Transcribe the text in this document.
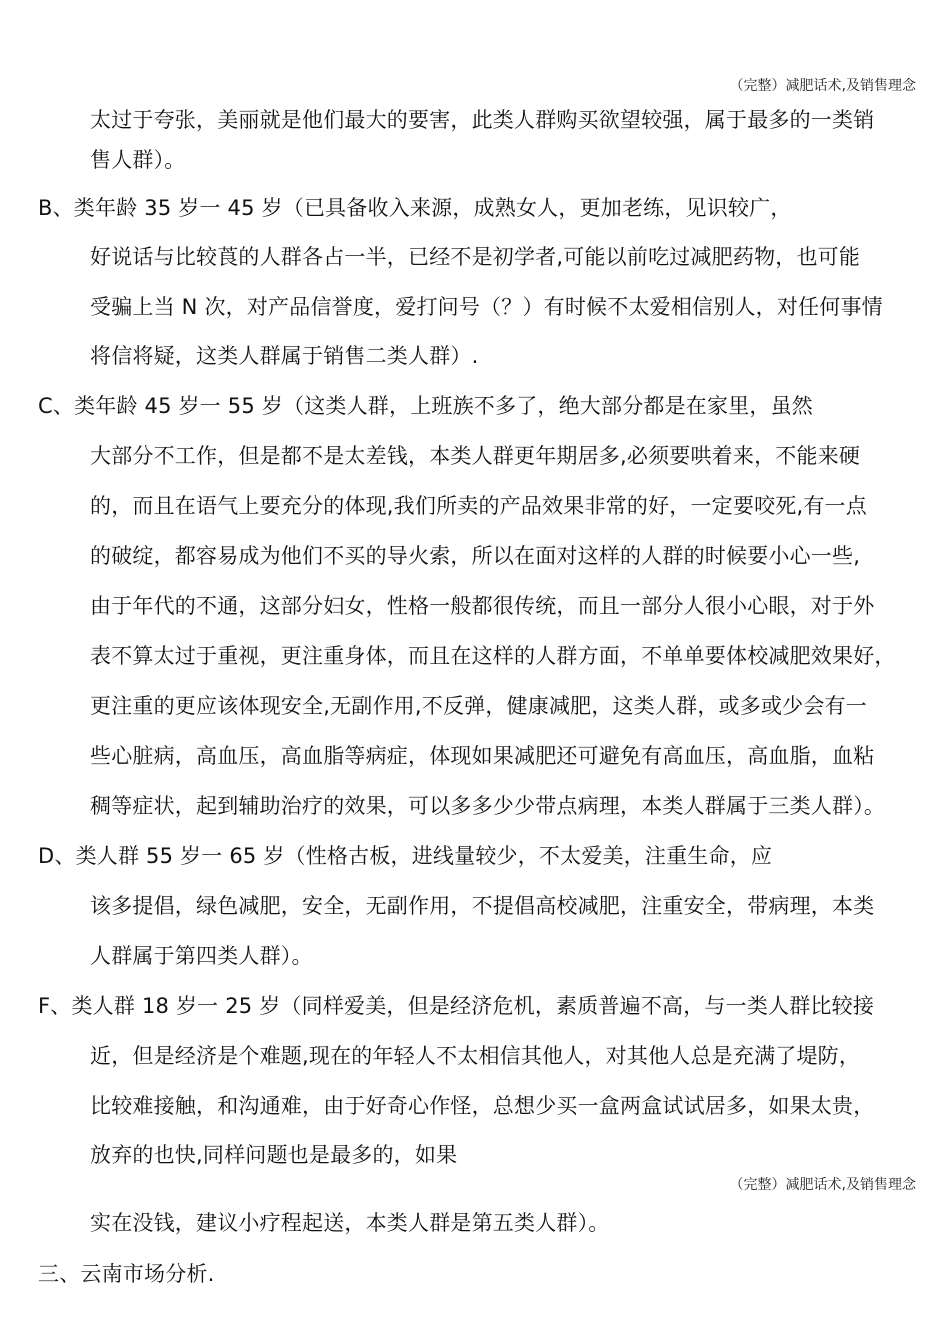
（完整）减肥话术,及销售理念
太过于夸张，美丽就是他们最大的要害，此类人群购买欲望较强，属于最多的一类销
售人群）。
B、类年龄 35 岁一 45 岁（已具备收入来源，成熟女人，更加老练，见识较广，
好说话与比较莨的人群各占一半，已经不是初学者,可能以前吃过减肥药物，也可能
受骗上当 N 次，对产品信誉度，爱打问号（？）有时候不太爱相信别人，对任何事情
将信将疑，这类人群属于销售二类人群）.
C、类年龄 45 岁一 55 岁（这类人群，上班族不多了，绝大部分都是在家里，虽然
大部分不工作，但是都不是太差钱，本类人群更年期居多,必须要哄着来，不能来硬
的，而且在语气上要充分的体现,我们所卖的产品效果非常的好，一定要咬死,有一点
的破绽，都容易成为他们不买的导火索，所以在面对这样的人群的时候要小心一些,
由于年代的不通，这部分妇女，性格一般都很传统，而且一部分人很小心眼，对于外
表不算太过于重视，更注重身体，而且在这样的人群方面，不单单要体校减肥效果好，
更注重的更应该体现安全,无副作用,不反弹，健康减肥，这类人群，或多或少会有一
些心脏病，高血压，高血脂等病症，体现如果减肥还可避免有高血压，高血脂，血粘
稠等症状，起到辅助治疗的效果，可以多多少少带点病理，本类人群属于三类人群）。
D、类人群 55 岁一 65 岁（性格古板，进线量较少，不太爱美，注重生命，应
该多提倡，绿色减肥，安全，无副作用，不提倡高校减肥，注重安全，带病理，本类
人群属于第四类人群）。
F、类人群 18 岁一 25 岁（同样爱美，但是经济危机，素质普遍不高，与一类人群比较接
近，但是经济是个难题,现在的年轻人不太相信其他人，对其他人总是充满了堤防，
比较难接触，和沟通难，由于好奇心作怪，总想少买一盒两盒试试居多，如果太贵，
放弃的也快,同样问题也是最多的，如果
（完整）减肥话术,及销售理念
实在没钱，建议小疗程起送，本类人群是第五类人群）。
三、云南市场分析.
